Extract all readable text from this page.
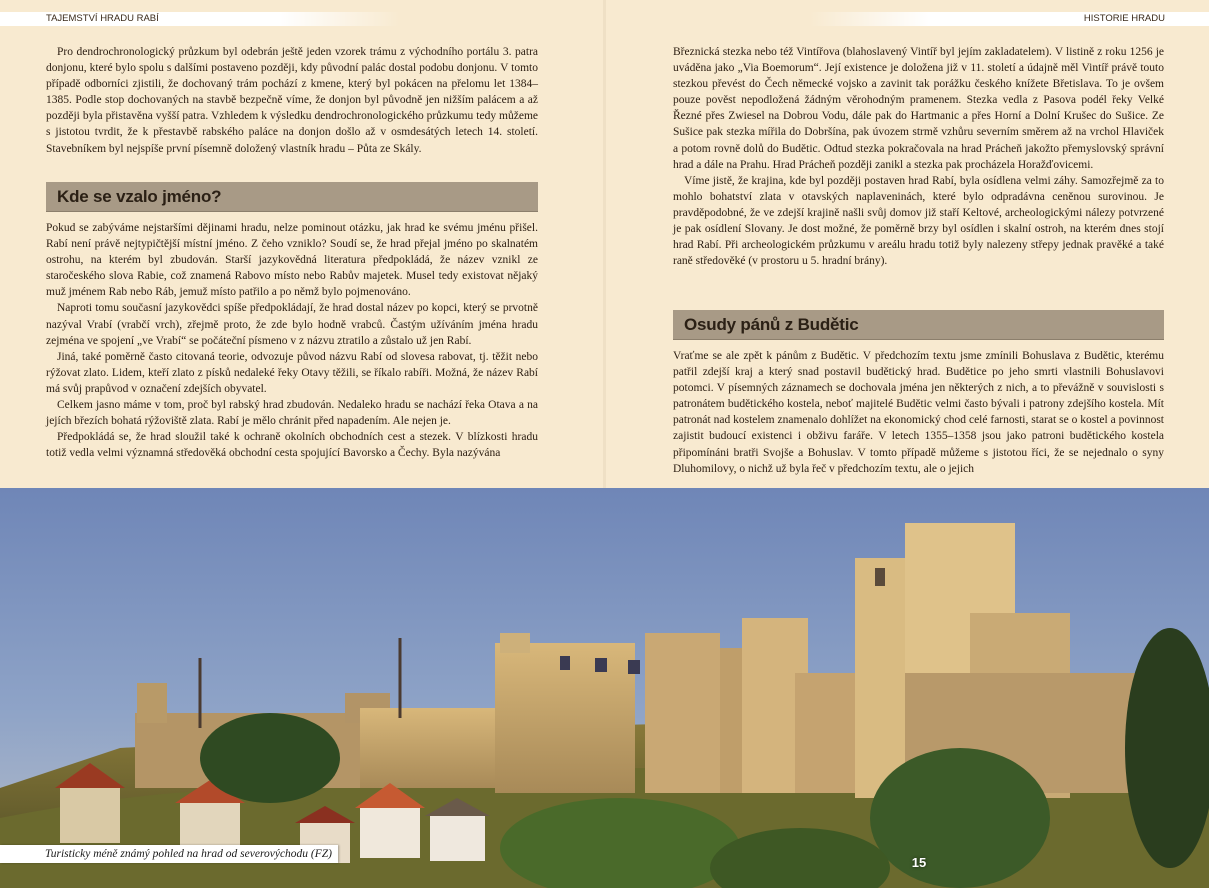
TAJEMSTVÍ HRADU RABÍ	HISTORIE HRADU

Pro dendrochronologický průzkum byl odebrán ještě jeden vzorek trámu z východního portálu 3. patra donjonu, které bylo spolu s dalšími postaveno později, kdy původní palác dostal podobu donjonu. V tomto případě odborníci zjistili, že dochovaný trám pochází z kmene, který byl pokácen na přelomu let 1384–1385. Podle stop dochovaných na stavbě bezpečně víme, že donjon byl původně jen nižším palácem a až později byla přistavěna vyšší patra. Vzhledem k výsledku dendrochronologického průzkumu tedy můžeme s jistotou tvrdit, že k přestavbě rabského paláce na donjon došlo až v osmdesátých letech 14. století. Stavebníkem byl nejspíše první písemně doložený vlastník hradu – Půta ze Skály.

Kde se vzalo jméno?

Pokud se zabýváme nejstaršími dějinami hradu, nelze pominout otázku, jak hrad ke svému jménu přišel. Rabí není právě nejtypičtější místní jméno. Z čeho vzniklo? Soudí se, že hrad přejal jméno po skalnatém ostrohu, na kterém byl zbudován. Starší jazykovědná literatura předpokládá, že název vznikl ze staročeského slova Rabie, což znamená Rabovo místo nebo Rabův majetek. Musel tedy existovat nějaký muž jménem Rab nebo Ráb, jemuž místo patřilo a po němž bylo pojmenováno.

Naproti tomu současní jazykovědci spíše předpokládají, že hrad dostal název po kopci, který se prvotně nazýval Vrabí (vrabčí vrch), zřejmě proto, že zde bylo hodně vrabců. Častým užíváním jména hradu zejména ve spojení „ve Vrabí“ se počáteční písmeno v z názvu ztratilo a zůstalo už jen Rabí.

Jiná, také poměrně často citovaná teorie, odvozuje původ názvu Rabí od slovesa rabovat, tj. těžit nebo rýžovat zlato. Lidem, kteří zlato z písků nedaleké řeky Otavy těžili, se říkalo rabíři. Možná, že název Rabí má svůj prapůvod v označení zdejších obyvatel.

Celkem jasno máme v tom, proč byl rabský hrad zbudován. Nedaleko hradu se nachází řeka Otava a na jejích březích bohatá rýžoviště zlata. Rabí je mělo chránit před napadením. Ale nejen je.

Předpokládá se, že hrad sloužil také k ochraně okolních obchodních cest a stezek. V blízkosti hradu totiž vedla velmi významná středověká obchodní cesta spojující Bavorsko a Čechy. Byla nazývána

Březnická stezka nebo též Vintířova (blahoslavený Vintíř byl jejím zakladatelem). V listině z roku 1256 je uváděna jako „Via Boemorum“. Její existence je doložena již v 11. století a údajně měl Vintíř právě touto stezkou převést do Čech německé vojsko a zavinit tak porážku českého knížete Břetislava. To je ovšem pouze pověst nepodložená žádným věrohodným pramenem. Stezka vedla z Pasova podél řeky Velké Řezné přes Zwiesel na Dobrou Vodu, dále pak do Hartmanic a přes Horní a Dolní Krušec do Sušice. Ze Sušice pak stezka mířila do Dobršína, pak úvozem strmě vzhůru severním směrem až na vrchol Hlaviček a potom rovně dolů do Budětic. Odtud stezka pokračovala na hrad Prácheň jakožto přemyslovský správní hrad a dále na Prahu. Hrad Prácheň později zanikl a stezka pak procházela Horažďovicemi.

Víme jistě, že krajina, kde byl později postaven hrad Rabí, byla osídlena velmi záhy. Samozřejmě za to mohlo bohatství zlata v otavských naplaveninách, které bylo odpradávna ceněnou surovinou. Je pravděpodobné, že ve zdejší krajině našli svůj domov již staří Keltové, archeologickými nálezy potvrzené je pak osídlení Slovany. Je dost možné, že poměrně brzy byl osídlen i skalní ostroh, na kterém dnes stojí hrad Rabí. Při archeologickém průzkumu v areálu hradu totiž byly nalezeny střepy jednak pravěké a také raně středověké (v prostoru u 5. hradní brány).

Osudy pánů z Budětic

Vraťme se ale zpět k pánům z Budětic. V předchozím textu jsme zmínili Bohuslava z Budětic, kterému patřil zdejší kraj a který snad postavil budětický hrad. Budětice po jeho smrti vlastnili Bohuslavovi potomci. V písemných záznamech se dochovala jména jen některých z nich, a to převážně v souvislosti s patronátem budětického kostela, neboť majitelé Budětic velmi často bývali i patrony zdejšího kostela. Mít patronát nad kostelem znamenalo dohlížet na ekonomický chod celé farnosti, starat se o kostel a povinnost zajistit budoucí existenci i obživu faráře. V letech 1355–1358 jsou jako patroni budětického kostela připomínáni bratři Svojše a Bohuslav. V tomto případě můžeme s jistotou říci, že se nejednalo o syny Dluhomilovy, o nichž už byla řeč v předchozím textu, ale o jejich

Turisticky méně známý pohled na hrad od severovýchodu (FZ)
15
